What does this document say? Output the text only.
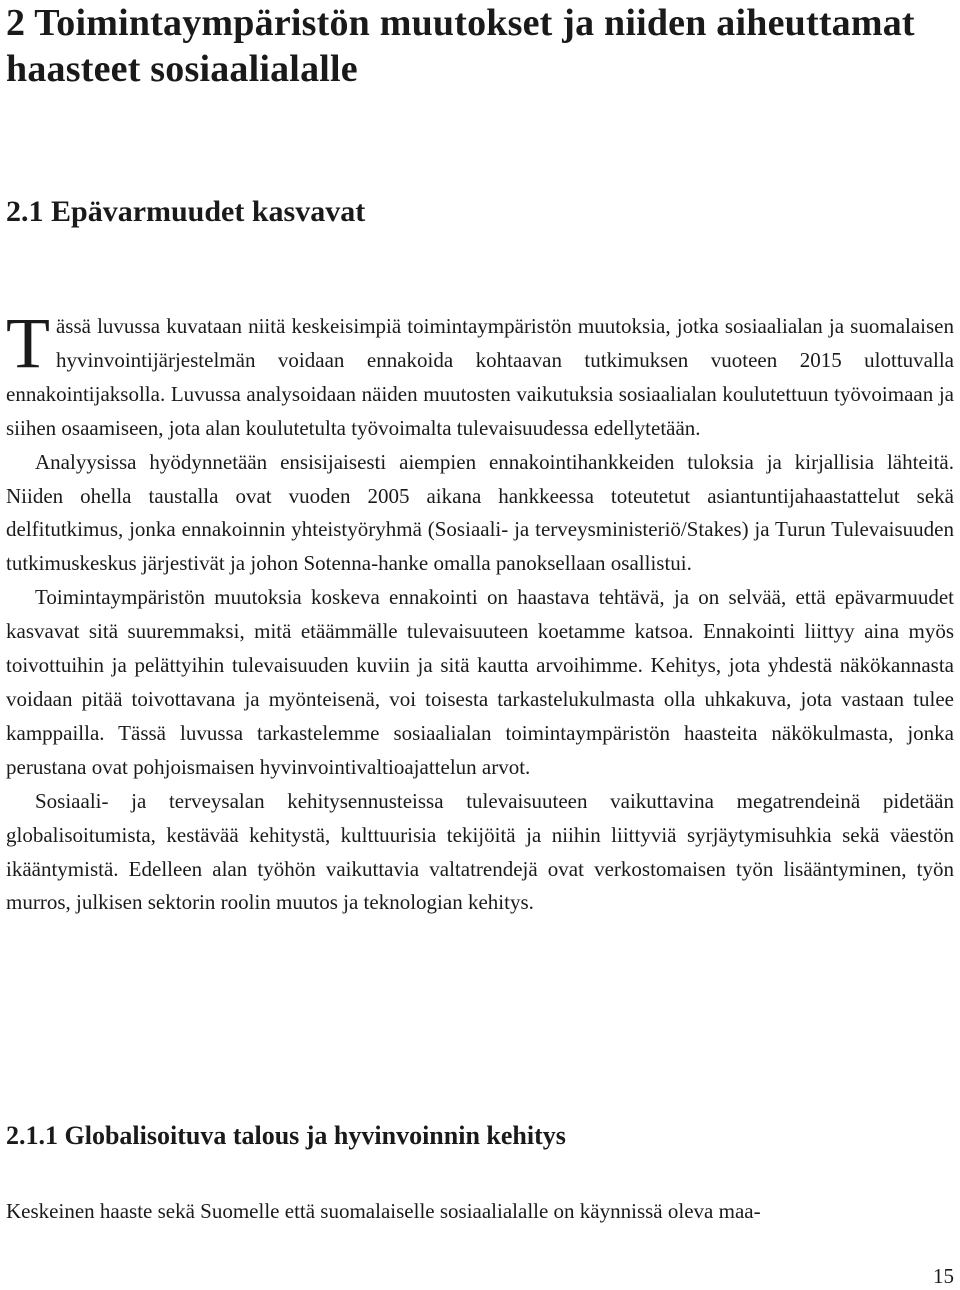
2 Toimintaympäristön muutokset ja niiden aiheuttamat haasteet sosiaalialalle
2.1 Epävarmuudet kasvavat

Tässä luvussa kuvataan niitä keskeisimpiä toimintaympäristön muutoksia, jotka sosiaalialan ja suomalaisen hyvinvointijärjestelmän voidaan ennakoida kohtaavan tutkimuksen vuoteen 2015 ulottuvalla ennakointijaksolla. Luvussa analysoidaan näiden muutosten vaikutuksia sosiaalialan koulutettuun työvoimaan ja siihen osaamiseen, jota alan koulutetulta työvoimalta tulevaisuudessa edellytetään.

Analyysissa hyödynnetään ensisijaisesti aiempien ennakointihankkeiden tuloksia ja kirjallisia lähteitä. Niiden ohella taustalla ovat vuoden 2005 aikana hankkeessa toteutetut asiantuntijahaastattelut sekä delfitutkimus, jonka ennakoinnin yhteistyöryhmä (Sosiaali- ja terveysministeriö/Stakes) ja Turun Tulevaisuuden tutkimuskeskus järjestivät ja johon Sotenna-hanke omalla panoksellaan osallistui.

Toimintaympäristön muutoksia koskeva ennakointi on haastava tehtävä, ja on selvää, että epävarmuudet kasvavat sitä suuremmaksi, mitä etäämmälle tulevaisuuteen koetamme katsoa. Ennakointi liittyy aina myös toivottuihin ja pelättyihin tulevaisuuden kuviin ja sitä kautta arvoihimme. Kehitys, jota yhdestä näkökannasta voidaan pitää toivottavana ja myönteisenä, voi toisesta tarkastelukulmasta olla uhkakuva, jota vastaan tulee kamppailla. Tässä luvussa tarkastelemme sosiaalialan toimintaympäristön haasteita näkökulmasta, jonka perustana ovat pohjoismaisen hyvinvointivaltioajattelun arvot.

Sosiaali- ja terveysalan kehitysennusteissa tulevaisuuteen vaikuttavina megatrendeinä pidetään globalisoitumista, kestävää kehitystä, kulttuurisia tekijöitä ja niihin liittyviä syrjäytymisuhkia sekä väestön ikääntymistä. Edelleen alan työhön vaikuttavia valtatrendejä ovat verkostomaisen työn lisääntyminen, työn murros, julkisen sektorin roolin muutos ja teknologian kehitys.

2.1.1 Globalisoituva talous ja hyvinvoinnin kehitys

Keskeinen haaste sekä Suomelle että suomalaiselle sosiaalialalle on käynnissä oleva maa-

15
